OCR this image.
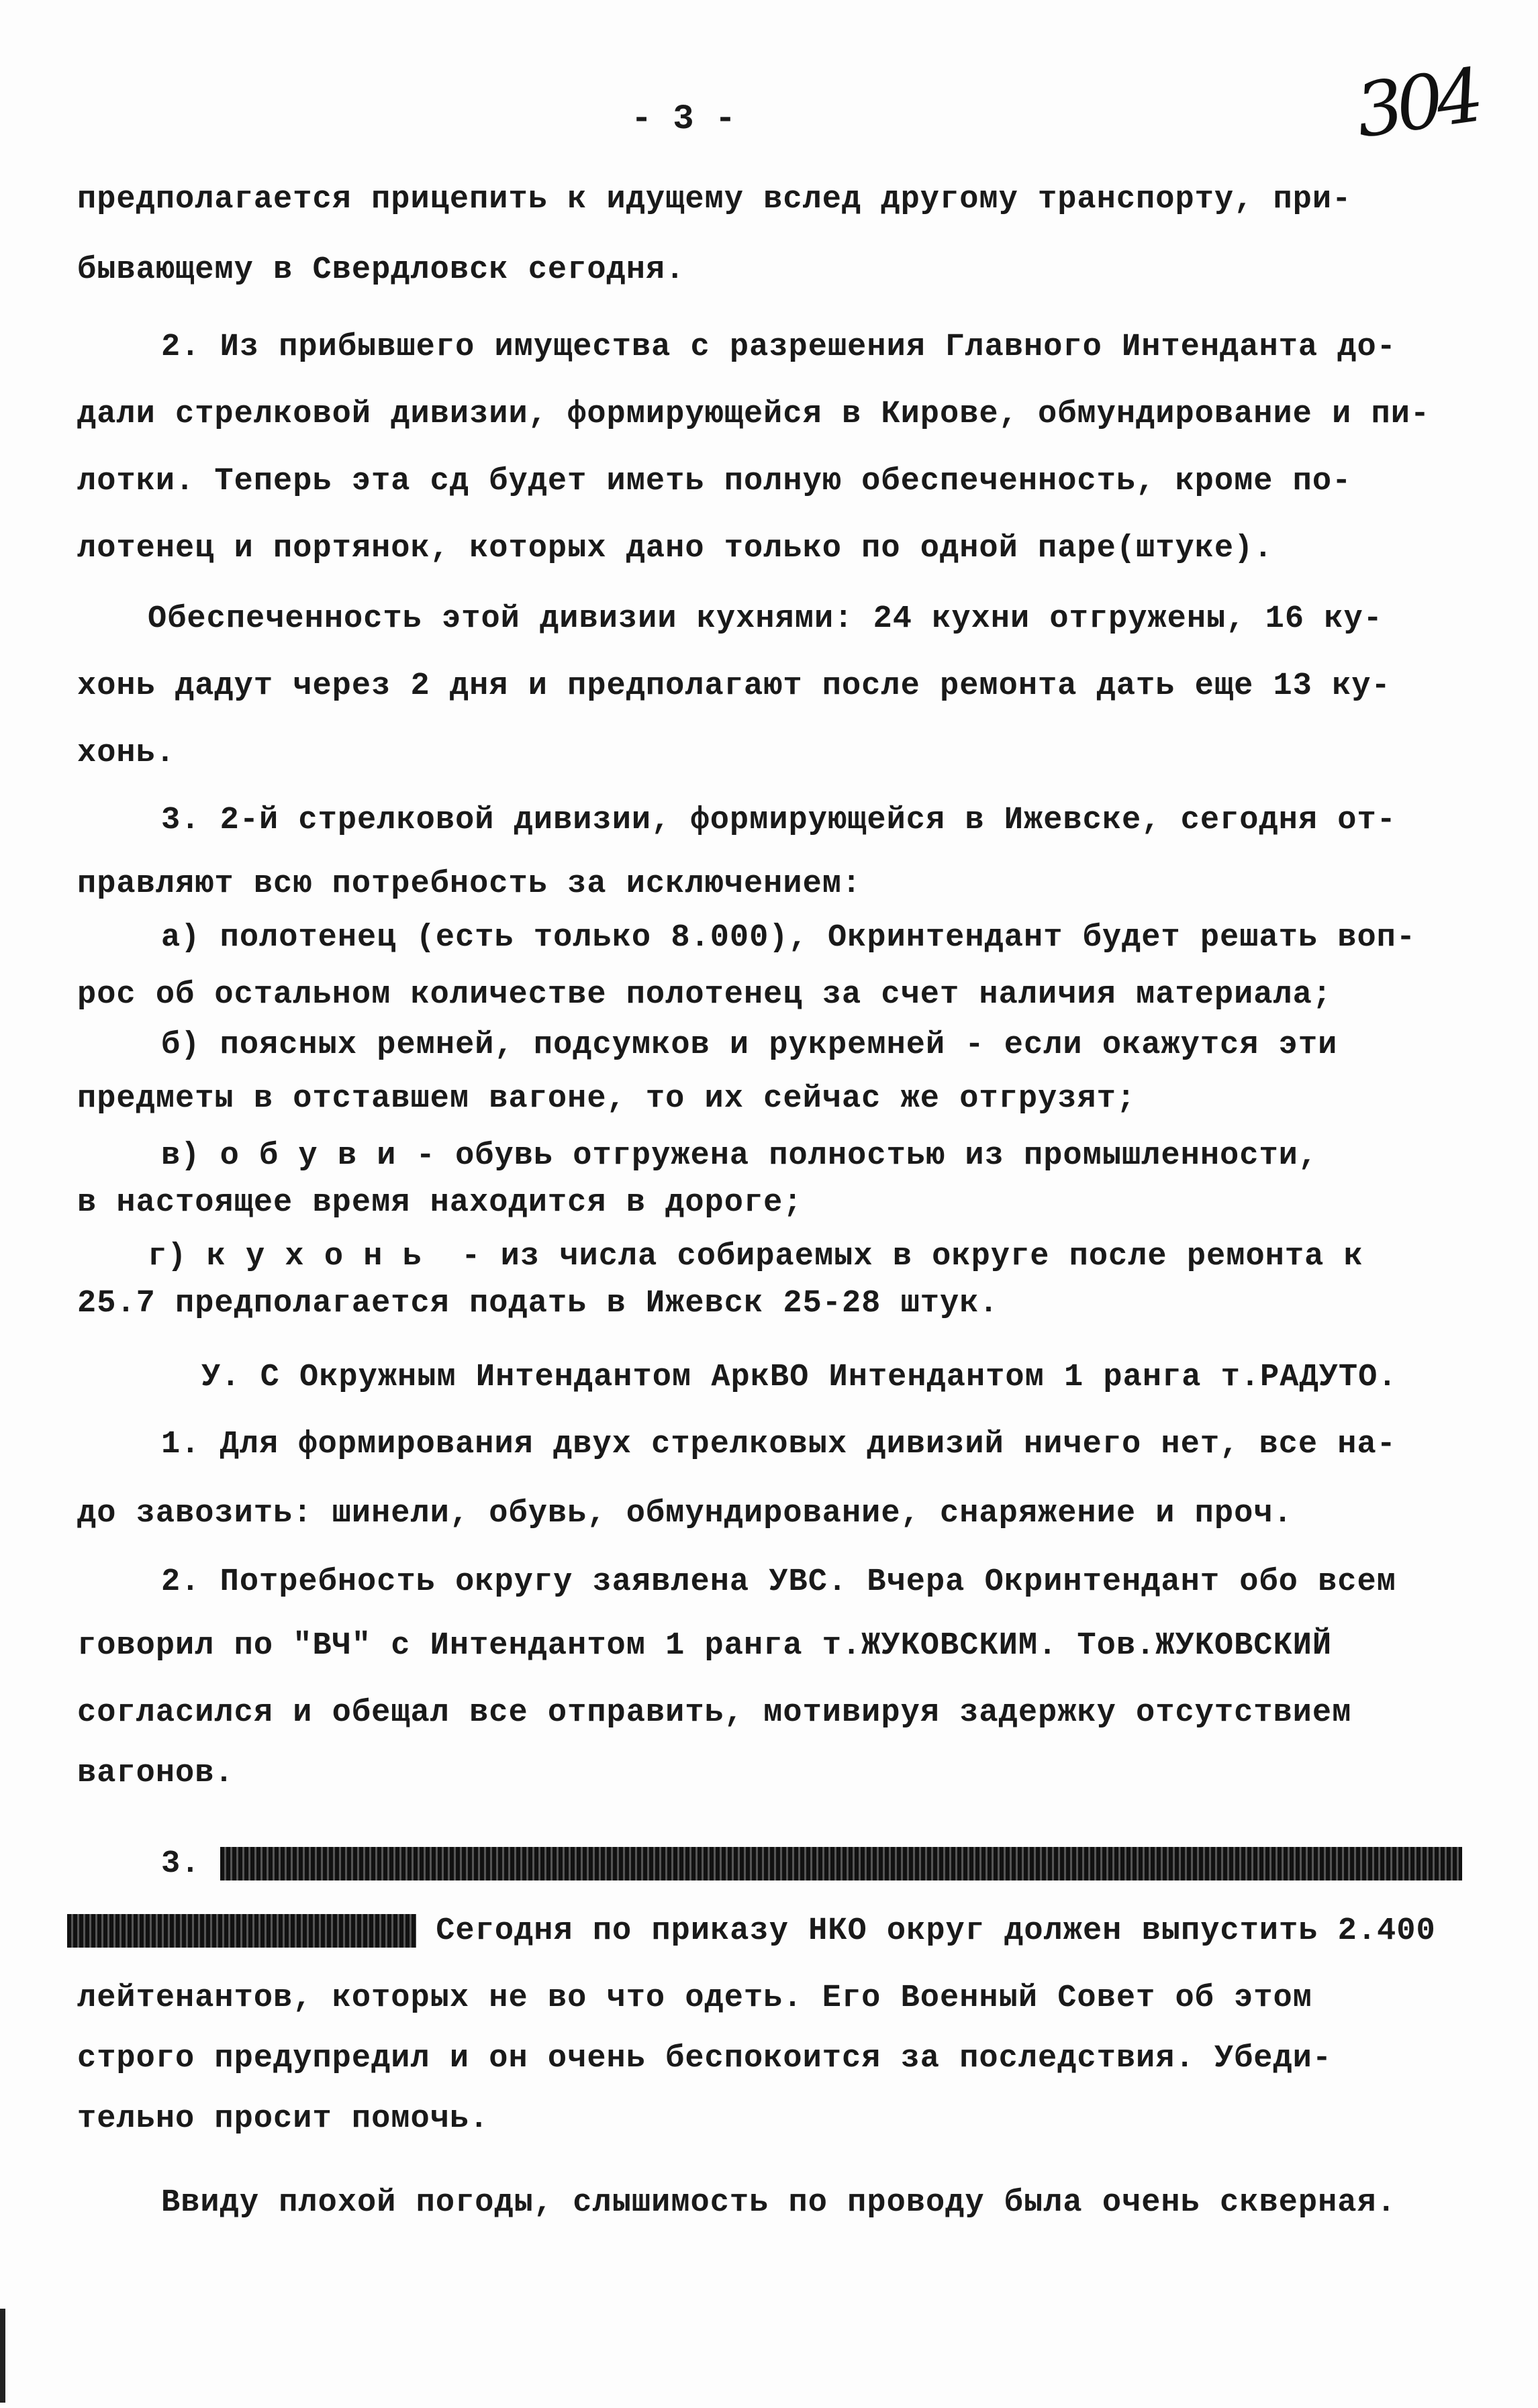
- 3 -	304
предполагается прицепить к идущему вслед другому транспорту, при-
бывающему в Свердловск сегодня.
2. Из прибывшего имущества с разрешения Главного Интенданта до-
дали стрелковой дивизии, формирующейся в Кирове, обмундирование и пи-
лотки. Теперь эта сд будет иметь полную обеспеченность, кроме по-
лотенец и портянок, которых дано только по одной паре(штуке).
Обеспеченность этой дивизии кухнями: 24 кухни отгружены, 16 ку-
хонь дадут через 2 дня и предполагают после ремонта дать еще 13 ку-
хонь.
3. 2-й стрелковой дивизии, формирующейся в Ижевске, сегодня от-
правляют всю потребность за исключением:
а) полотенец (есть только 8.000), Окринтендант будет решать воп-
рос об остальном количестве полотенец за счет наличия материала;
б) поясных ремней, подсумков и рукремней - если окажутся эти
предметы в отставшем вагоне, то их сейчас же отгрузят;
в) о б у в и - обувь отгружена полностью из промышленности,
в настоящее время находится в дороге;
г) к у х о н ь  - из числа собираемых в округе после ремонта к
25.7 предполагается подать в Ижевск 25-28 штук.
У. С Окружным Интендантом АркВО Интендантом 1 ранга т.РАДУТО.
1. Для формирования двух стрелковых дивизий ничего нет, все на-
до завозить: шинели, обувь, обмундирование, снаряжение и проч.
2. Потребность округу заявлена УВС. Вчера Окринтендант обо всем
говорил по "ВЧ" с Интендантом 1 ранга т.ЖУКОВСКИМ. Тов.ЖУКОВСКИЙ
согласился и обещал все отправить, мотивируя задержку отсутствием
вагонов.
3.
Сегодня по приказу НКО округ должен выпустить 2.400
лейтенантов, которых не во что одеть. Его Военный Совет об этом
строго предупредил и он очень беспокоится за последствия. Убеди-
тельно просит помочь.
Ввиду плохой погоды, слышимость по проводу была очень скверная.
